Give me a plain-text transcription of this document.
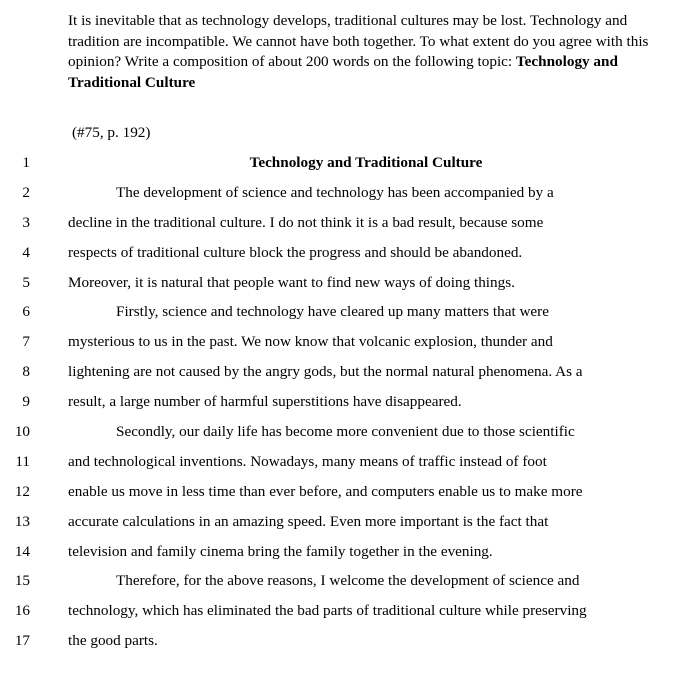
It is inevitable that as technology develops, traditional cultures may be lost. Technology and tradition are incompatible. We cannot have both together. To what extent do you agree with this opinion? Write a composition of about 200 words on the following topic: Technology and Traditional Culture

(#75, p. 192)

1	Technology and Traditional Culture
2	The development of science and technology has been accompanied by a
3	decline in the traditional culture. I do not think it is a bad result, because some
4	respects of traditional culture block the progress and should be abandoned.
5	Moreover, it is natural that people want to find new ways of doing things.
6	Firstly, science and technology have cleared up many matters that were
7	mysterious to us in the past. We now know that volcanic explosion, thunder and
8	lightening are not caused by the angry gods, but the normal natural phenomena. As a
9	result, a large number of harmful superstitions have disappeared.
10	Secondly, our daily life has become more convenient due to those scientific
11	and technological inventions. Nowadays, many means of traffic instead of foot
12	enable us move in less time than ever before, and computers enable us to make more
13	accurate calculations in an amazing speed. Even more important is the fact that
14	television and family cinema bring the family together in the evening.
15	Therefore, for the above reasons, I welcome the development of science and
16	technology, which has eliminated the bad parts of traditional culture while preserving
17	the good parts.
